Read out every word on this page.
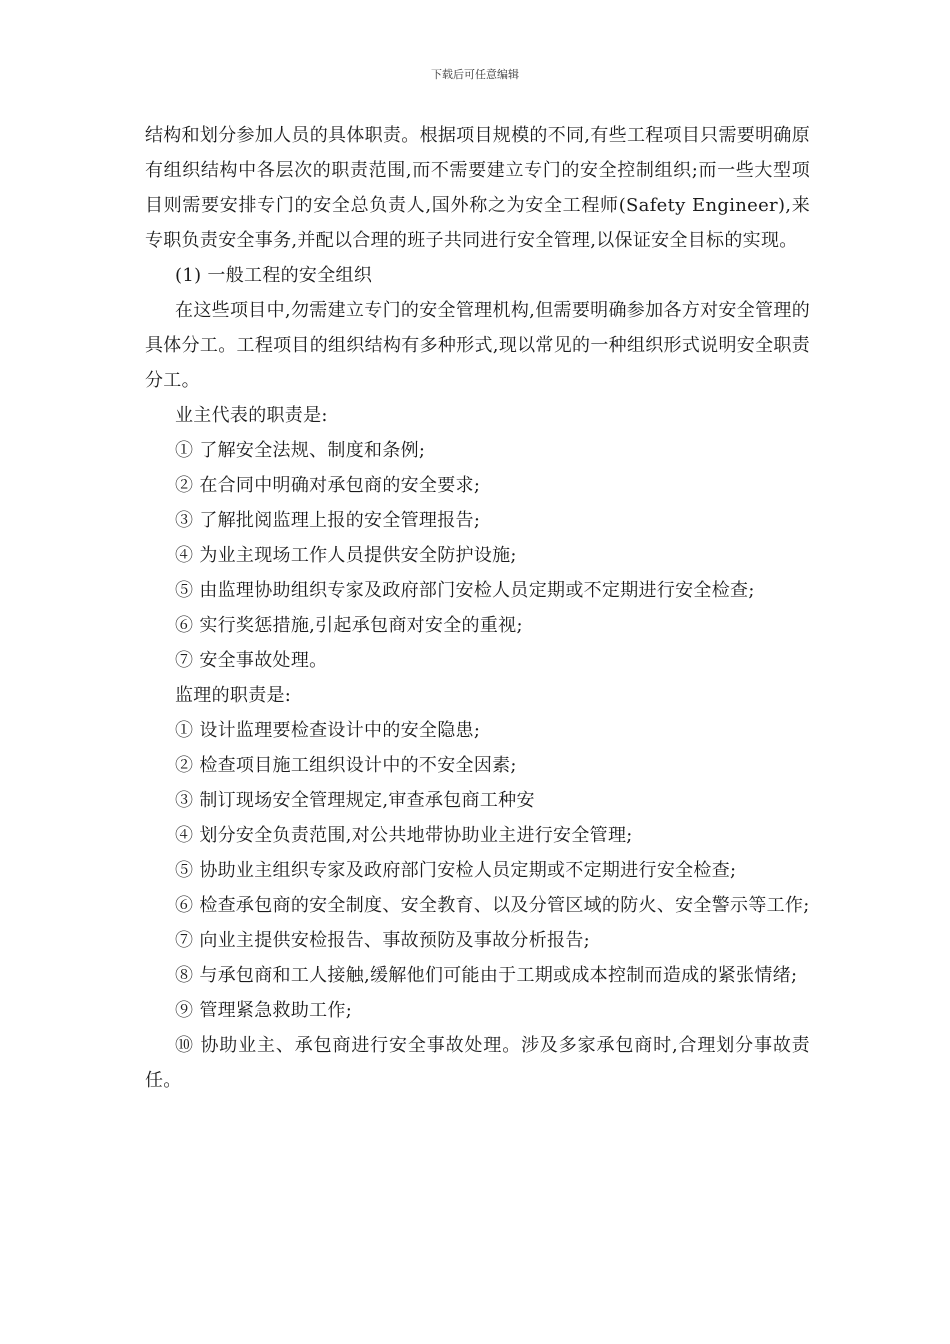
下载后可任意编辑

结构和划分参加人员的具体职责。根据项目规模的不同,有些工程项目只需要明确原有组织结构中各层次的职责范围,而不需要建立专门的安全控制组织;而一些大型项目则需要安排专门的安全总负责人,国外称之为安全工程师(Safety Engineer),来专职负责安全事务,并配以合理的班子共同进行安全管理,以保证安全目标的实现。

(1) 一般工程的安全组织

在这些项目中,勿需建立专门的安全管理机构,但需要明确参加各方对安全管理的具体分工。工程项目的组织结构有多种形式,现以常见的一种组织形式说明安全职责分工。

业主代表的职责是:

① 了解安全法规、制度和条例;

② 在合同中明确对承包商的安全要求;

③ 了解批阅监理上报的安全管理报告;

④ 为业主现场工作人员提供安全防护设施;

⑤ 由监理协助组织专家及政府部门安检人员定期或不定期进行安全检查;

⑥ 实行奖惩措施,引起承包商对安全的重视;

⑦ 安全事故处理。

监理的职责是:

① 设计监理要检查设计中的安全隐患;

② 检查项目施工组织设计中的不安全因素;

③ 制订现场安全管理规定,审查承包商工种安

④ 划分安全负责范围,对公共地带协助业主进行安全管理;

⑤ 协助业主组织专家及政府部门安检人员定期或不定期进行安全检查;

⑥ 检查承包商的安全制度、安全教育、以及分管区域的防火、安全警示等工作;

⑦ 向业主提供安检报告、事故预防及事故分析报告;

⑧ 与承包商和工人接触,缓解他们可能由于工期或成本控制而造成的紧张情绪;

⑨ 管理紧急救助工作;

⑩ 协助业主、承包商进行安全事故处理。涉及多家承包商时,合理划分事故责任。
